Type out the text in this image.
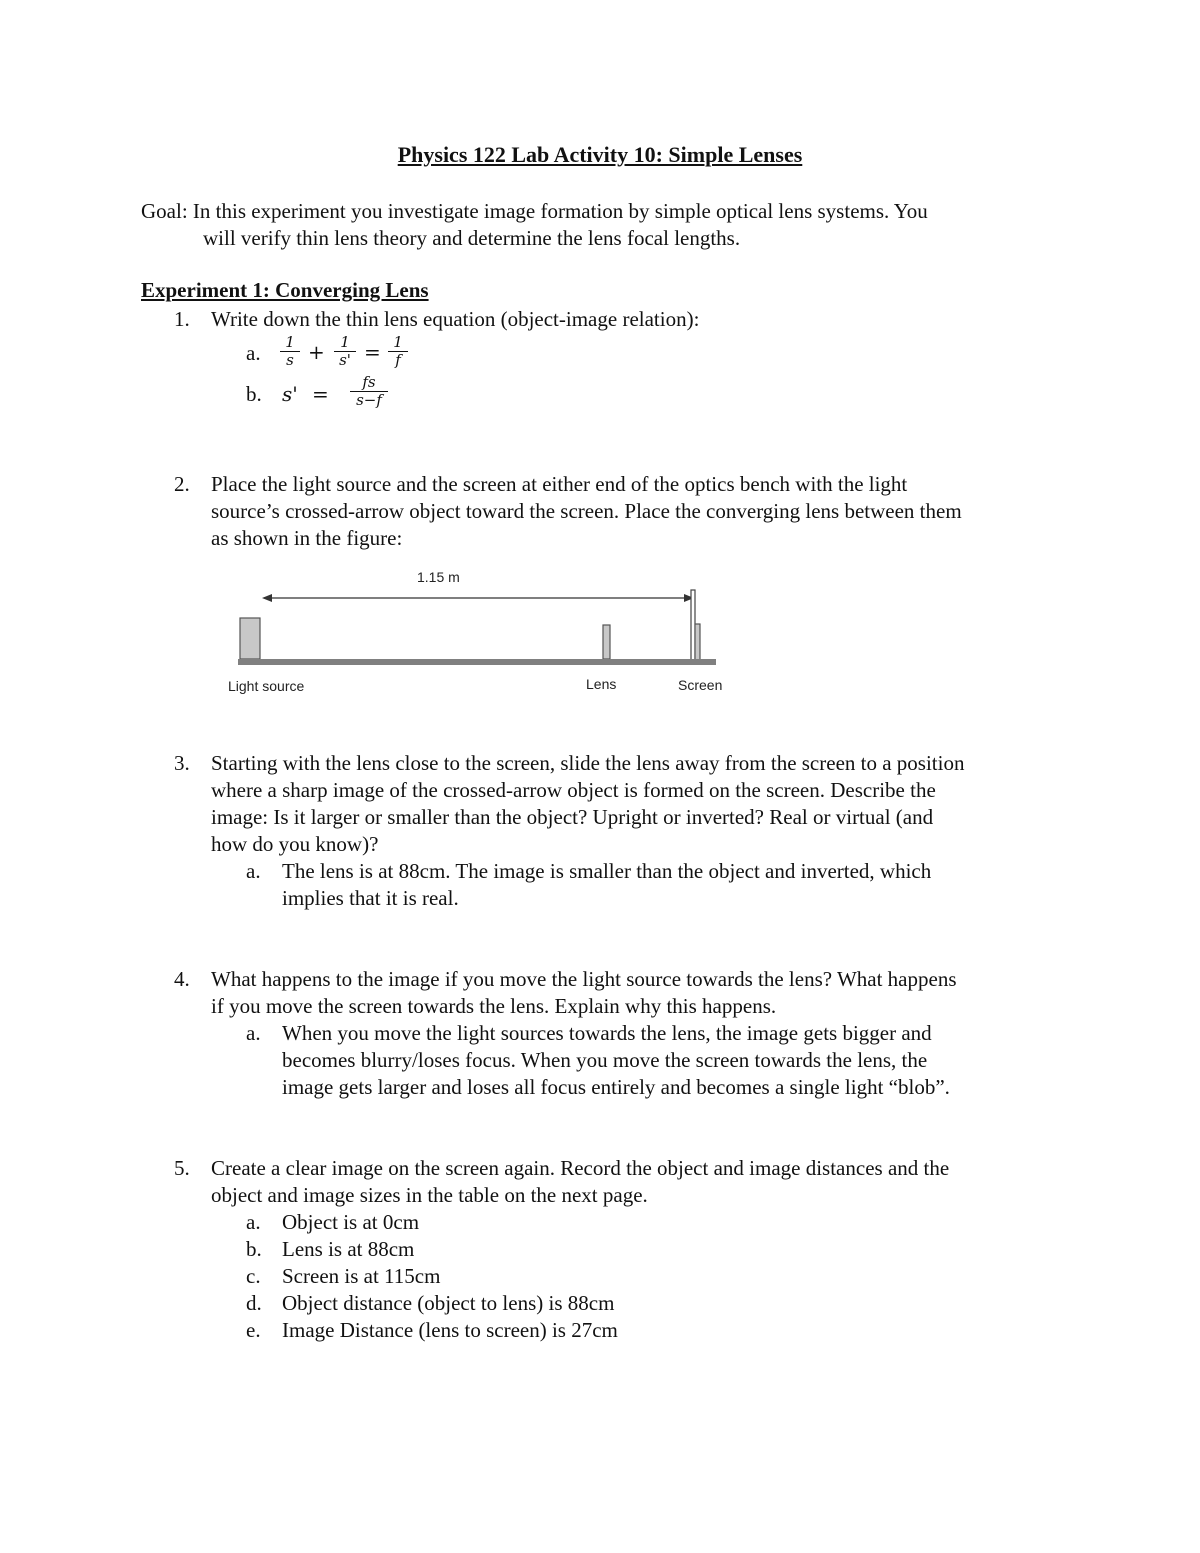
Physics 122 Lab Activity 10: Simple Lenses
Goal: In this experiment you investigate image formation by simple optical lens systems. You
will verify thin lens theory and determine the lens focal lengths.
Experiment 1: Converging Lens
1.	Write down the thin lens equation (object-image relation):
a. $\frac{1}{s} + \frac{1}{s'} = \frac{1}{f}$
b. $s' = \frac{fs}{s-f}$
2.	Place the light source and the screen at either end of the optics bench with the light
source’s crossed-arrow object toward the screen. Place the converging lens between them
as shown in the figure:
1.15 m
Light source	Lens	Screen
3.	Starting with the lens close to the screen, slide the lens away from the screen to a position
where a sharp image of the crossed-arrow object is formed on the screen. Describe the
image: Is it larger or smaller than the object? Upright or inverted? Real or virtual (and
how do you know)?
a.	The lens is at 88cm. The image is smaller than the object and inverted, which
implies that it is real.
4.	What happens to the image if you move the light source towards the lens? What happens
if you move the screen towards the lens. Explain why this happens.
a.	When you move the light sources towards the lens, the image gets bigger and
becomes blurry/loses focus. When you move the screen towards the lens, the
image gets larger and loses all focus entirely and becomes a single light “blob”.
5.	Create a clear image on the screen again. Record the object and image distances and the
object and image sizes in the table on the next page.
a.	Object is at 0cm
b. Lens is at 88cm
c.	Screen is at 115cm
d. Object distance (object to lens) is 88cm
e.	Image Distance (lens to screen) is 27cm
